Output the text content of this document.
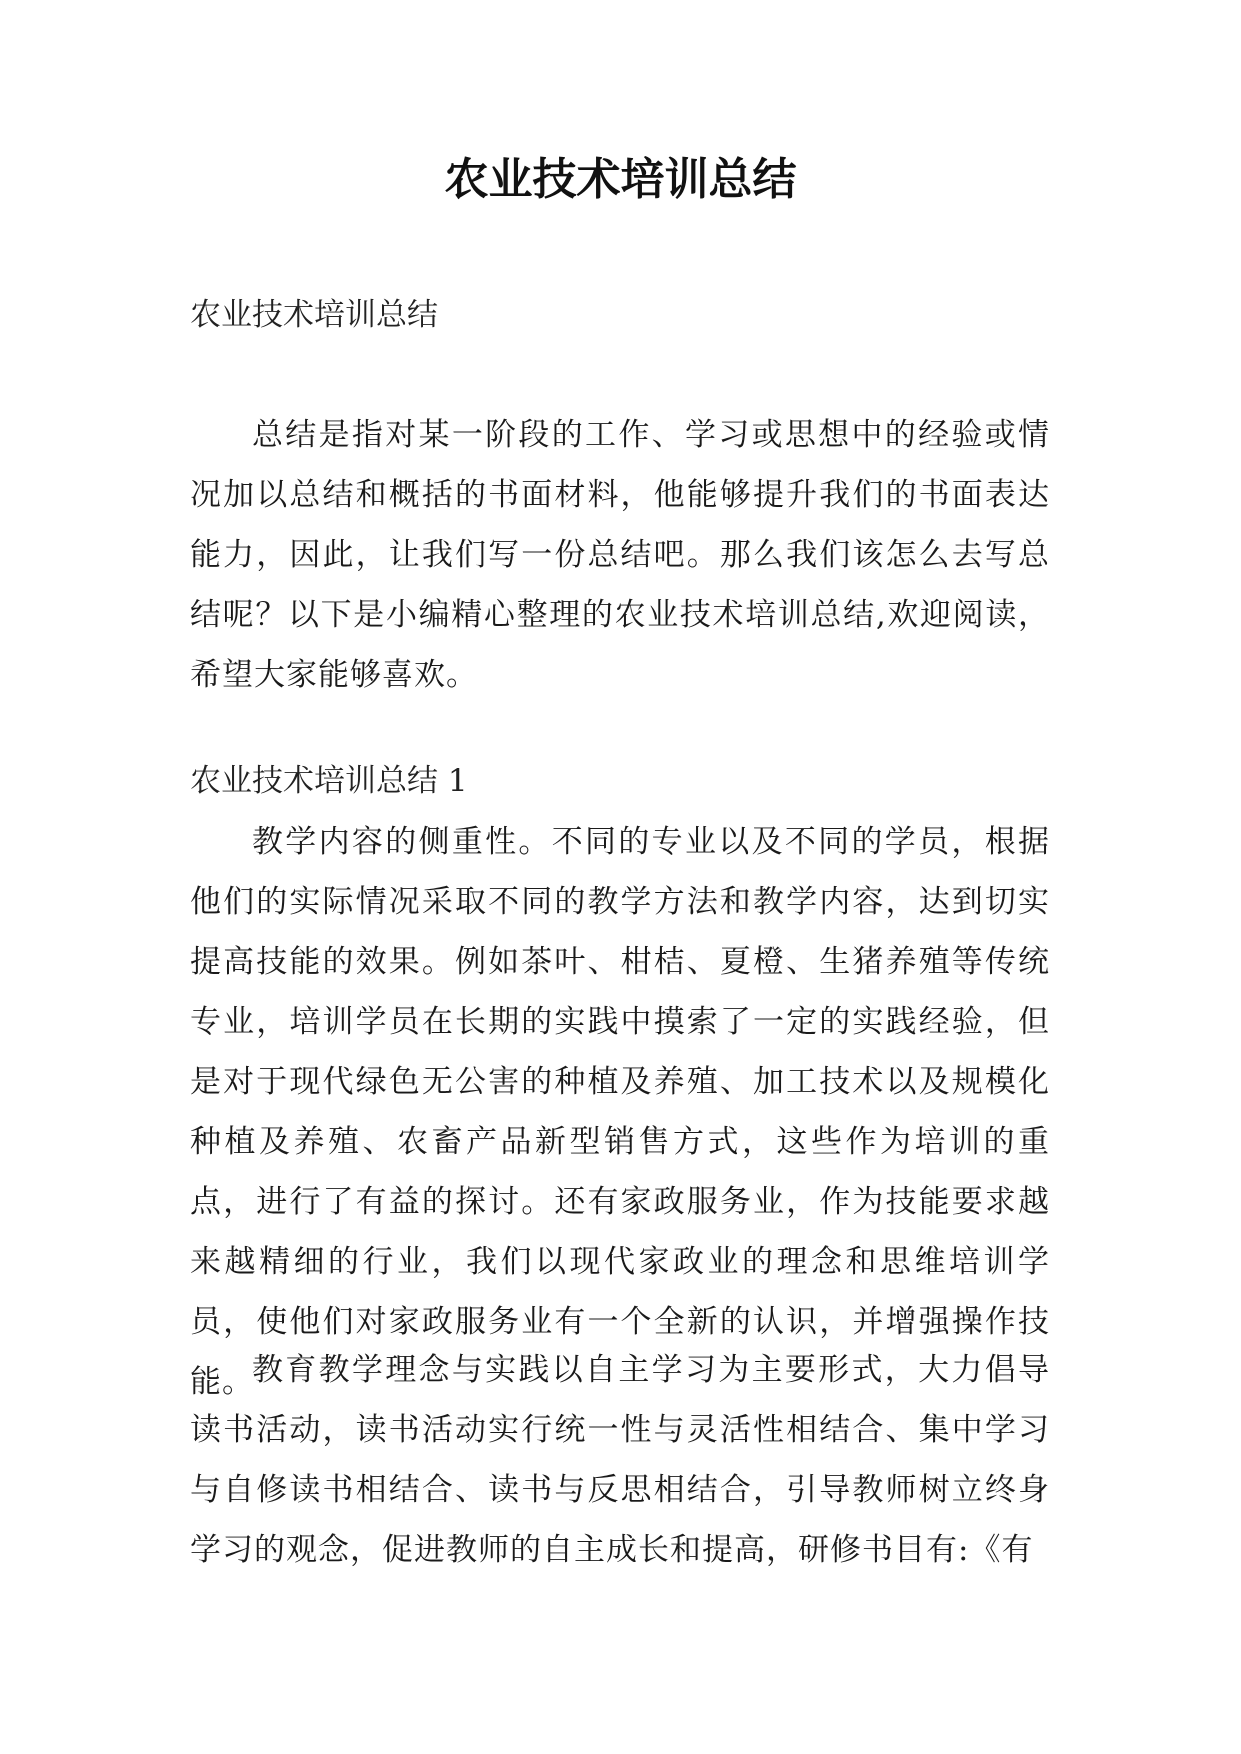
农业技术培训总结

农业技术培训总结

总结是指对某一阶段的工作、学习或思想中的经验或情况加以总结和概括的书面材料，他能够提升我们的书面表达能力，因此，让我们写一份总结吧。那么我们该怎么去写总结呢？以下是小编精心整理的农业技术培训总结,欢迎阅读，希望大家能够喜欢。

农业技术培训总结 1

教学内容的侧重性。不同的专业以及不同的学员，根据他们的实际情况采取不同的教学方法和教学内容，达到切实提高技能的效果。例如茶叶、柑桔、夏橙、生猪养殖等传统专业，培训学员在长期的实践中摸索了一定的实践经验，但是对于现代绿色无公害的种植及养殖、加工技术以及规模化种植及养殖、农畜产品新型销售方式，这些作为培训的重点，进行了有益的探讨。还有家政服务业，作为技能要求越来越精细的行业，我们以现代家政业的理念和思维培训学员，使他们对家政服务业有一个全新的认识，并增强操作技能。

教育教学理念与实践以自主学习为主要形式，大力倡导读书活动，读书活动实行统一性与灵活性相结合、集中学习与自修读书相结合、读书与反思相结合，引导教师树立终身学习的观念，促进教师的自主成长和提高，研修书目有:《有
